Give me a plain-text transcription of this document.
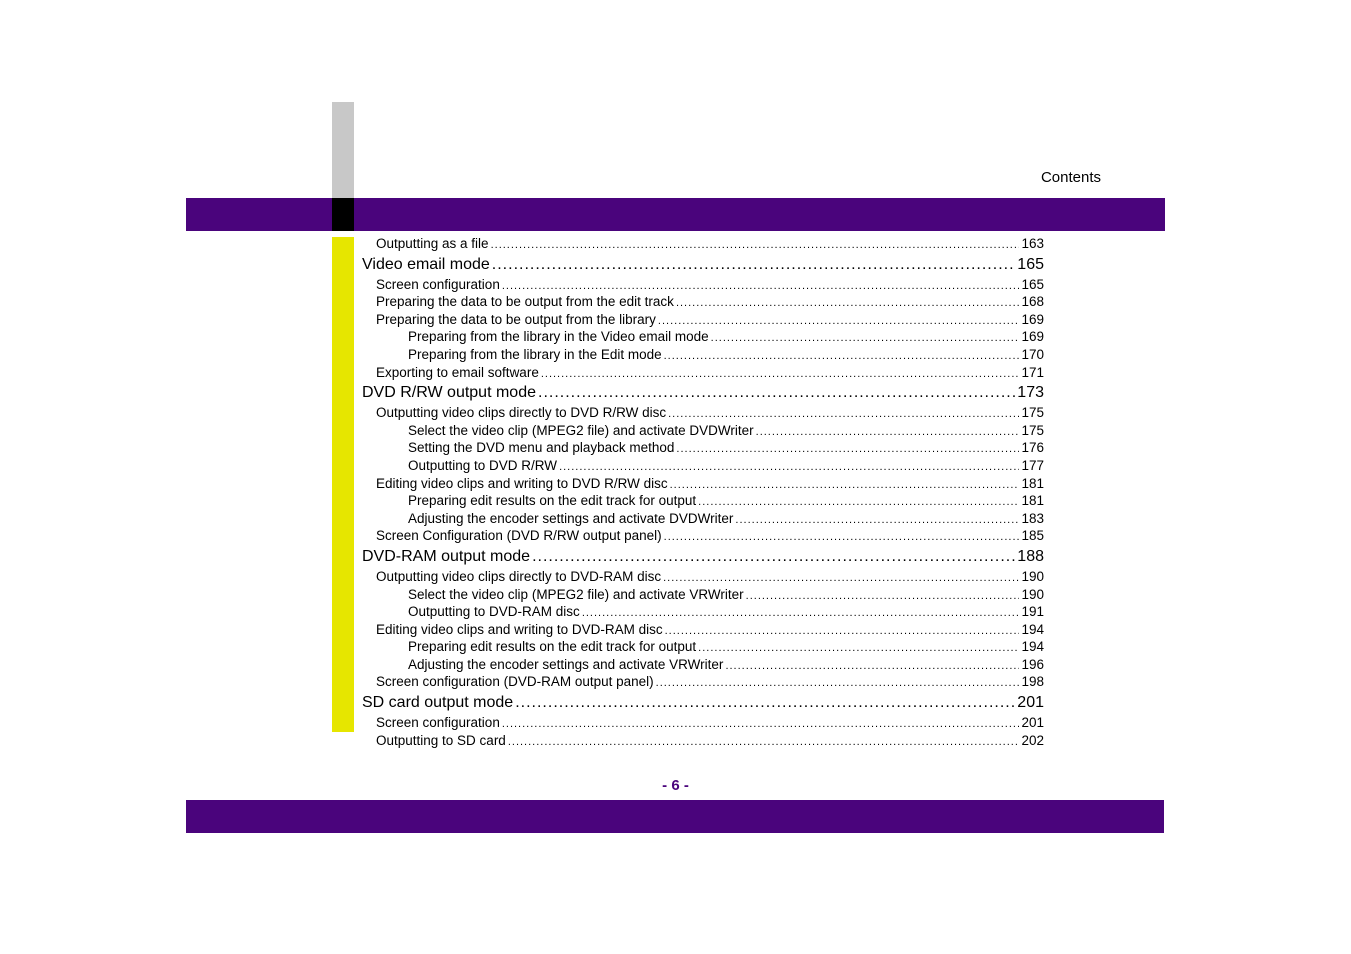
Contents
Outputting as a file .....	163
Video email mode .....	165
Screen configuration .....	165
Preparing the data to be output from the edit track .....	168
Preparing the data to be output from the library .....	169
Preparing from the library in the Video email mode .....	169
Preparing from the library in the Edit mode .....	170
Exporting to email software .....	171
DVD R/RW output mode .....	173
Outputting video clips directly to DVD R/RW disc .....	175
Select the video clip (MPEG2 file) and activate DVDWriter .....	175
Setting the DVD menu and playback method .....	176
Outputting to DVD R/RW .....	177
Editing video clips and writing to DVD R/RW disc .....	181
Preparing edit results on the edit track for output .....	181
Adjusting the encoder settings and activate DVDWriter .....	183
Screen Configuration (DVD R/RW output panel) .....	185
DVD-RAM output mode .....	188
Outputting video clips directly to DVD-RAM disc .....	190
Select the video clip (MPEG2 file) and activate VRWriter .....	190
Outputting to DVD-RAM disc .....	191
Editing video clips and writing to DVD-RAM disc .....	194
Preparing edit results on the edit track for output .....	194
Adjusting the encoder settings and activate VRWriter .....	196
Screen configuration (DVD-RAM output panel) .....	198
SD card output mode .....	201
Screen configuration .....	201
Outputting to SD card .....	202
- 6 -
